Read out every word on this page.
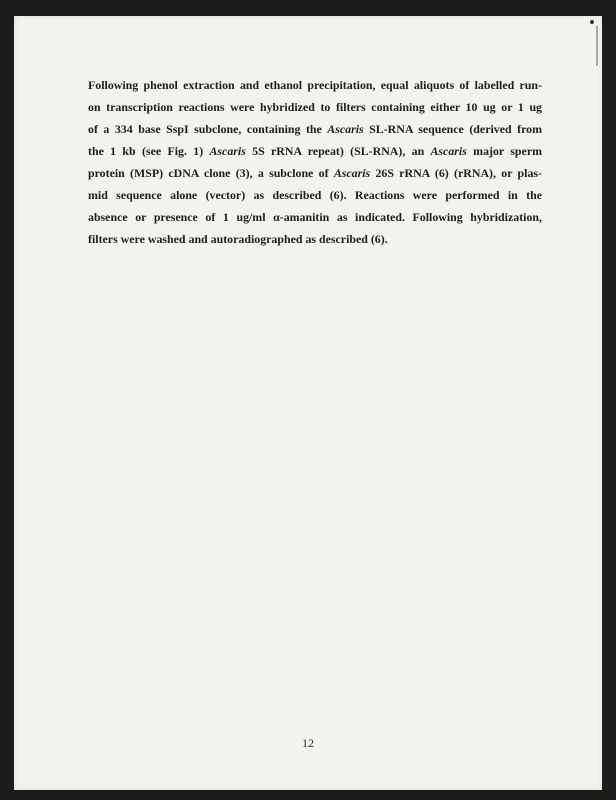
Following phenol extraction and ethanol precipitation, equal aliquots of labelled run-
on transcription reactions were hybridized to filters containing either 10 ug or 1 ug
of a 334 base SspI subclone, containing the Ascaris SL-RNA sequence (derived from
the 1 kb (see Fig. 1) Ascaris 5S rRNA repeat) (SL-RNA), an Ascaris major sperm
protein (MSP) cDNA clone (3), a subclone of Ascaris 26S rRNA (6) (rRNA), or plas-
mid sequence alone (vector) as described (6). Reactions were performed in the
absence or presence of 1 ug/ml α-amanitin as indicated. Following hybridization,
filters were washed and autoradiographed as described (6).

12
